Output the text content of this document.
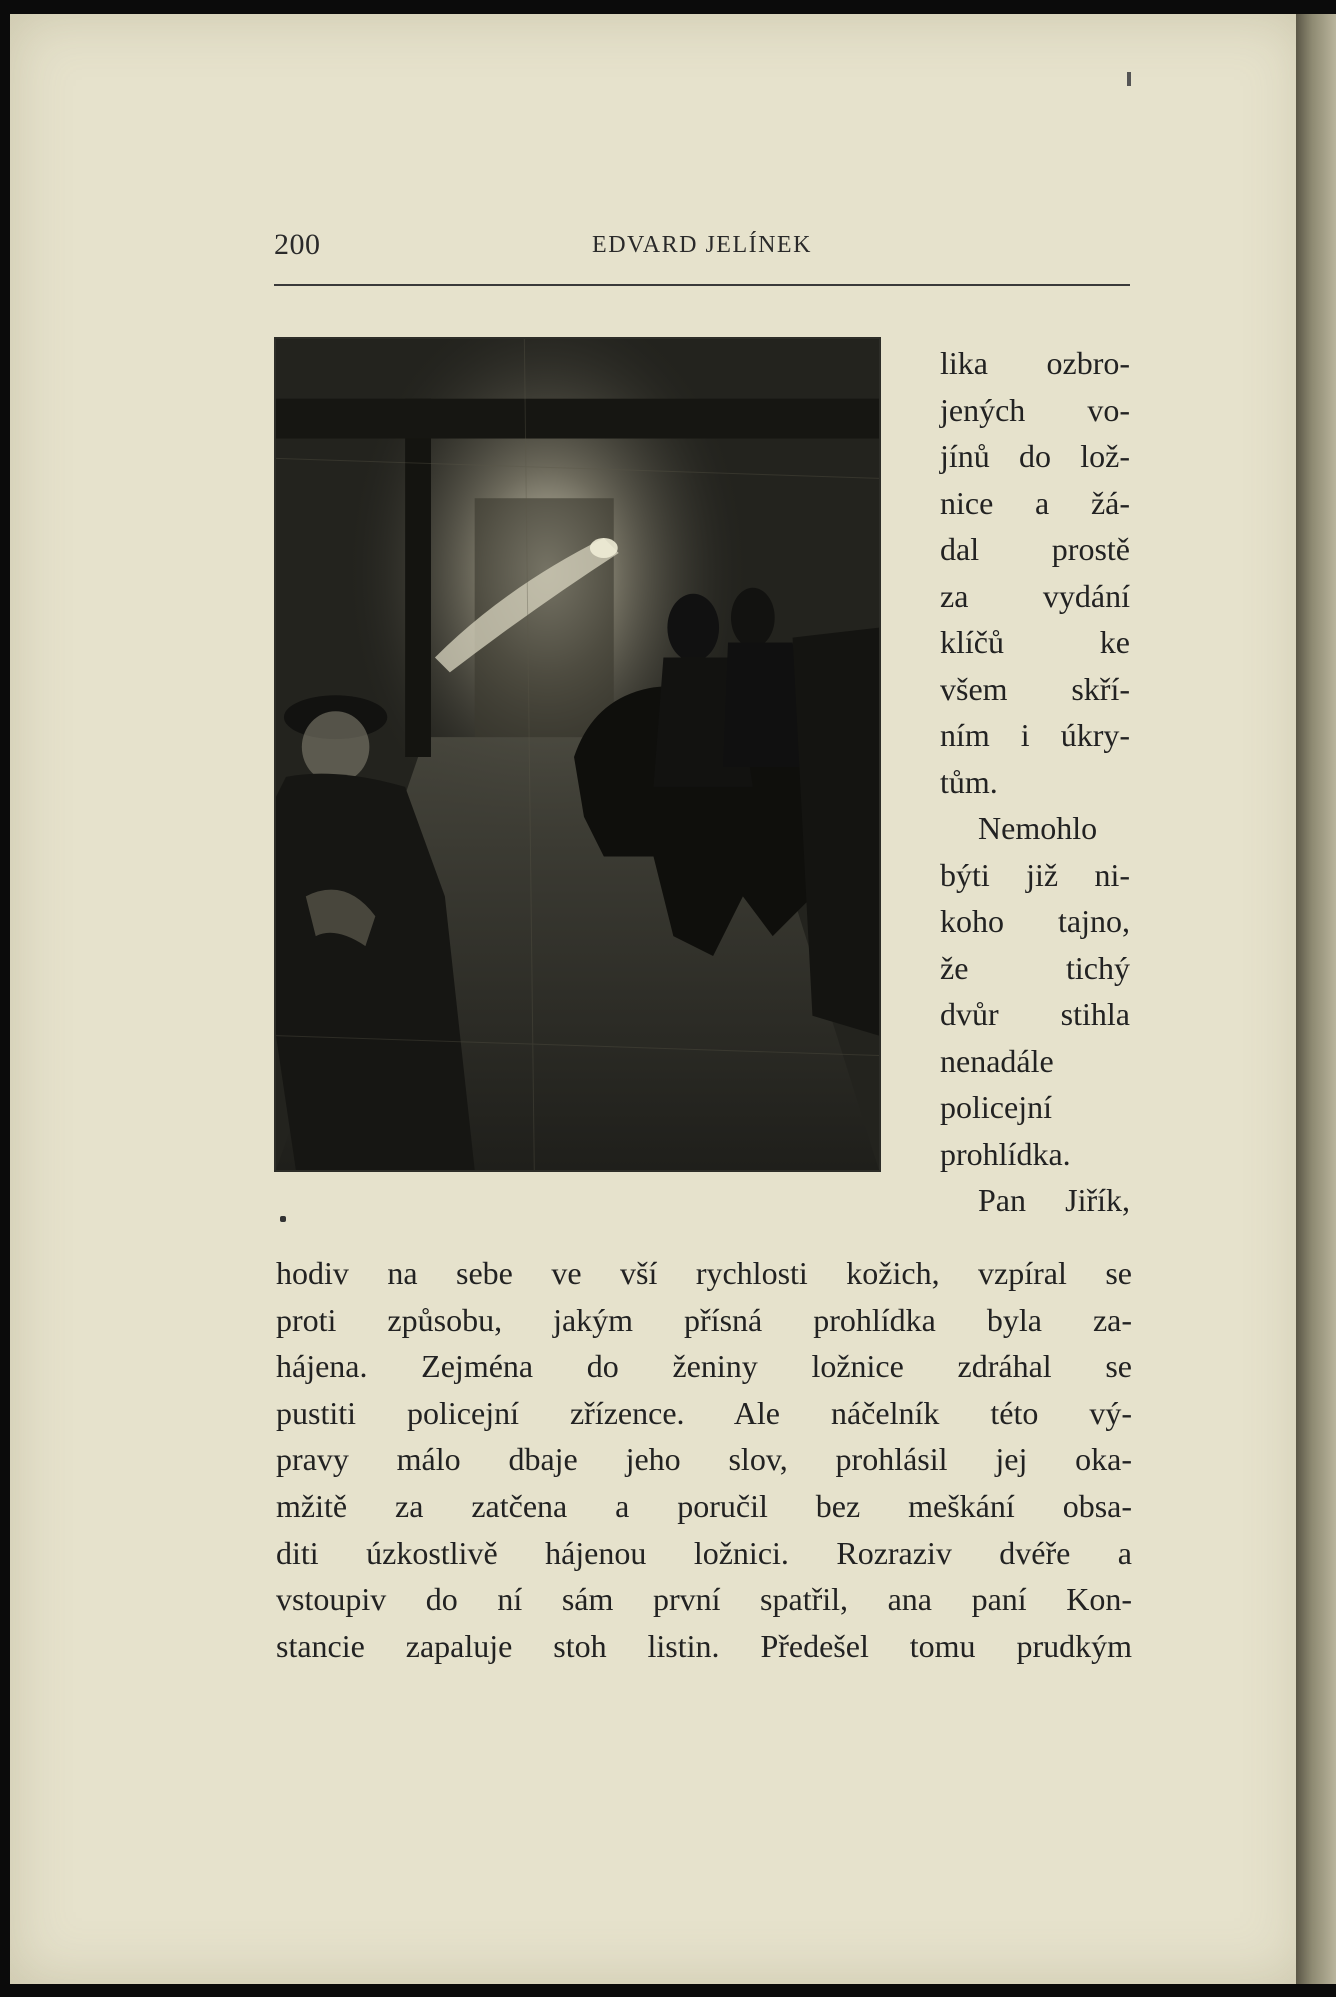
200	EDVARD JELÍNEK
lika ozbro-
jených vo-
jínů do lož-
nice a žá-
dal prostě
za vydání
klíčů ke
všem skří-
ním i úkry-
tům.
Nemohlo
býti již ni-
koho tajno,
že tichý
dvůr stihla
nenadále
policejní
prohlídka.
Pan Jiřík,
hodiv na sebe ve vší rychlosti kožich, vzpíral se
proti způsobu, jakým přísná prohlídka byla za-
hájena. Zejména do ženiny ložnice zdráhal se
pustiti policejní zřízence. Ale náčelník této vý-
pravy málo dbaje jeho slov, prohlásil jej oka-
mžitě za zatčena a poručil bez meškání obsa-
diti úzkostlivě hájenou ložnici. Rozraziv dvéře a
vstoupiv do ní sám první spatřil, ana paní Kon-
stancie zapaluje stoh listin. Předešel tomu prudkým
